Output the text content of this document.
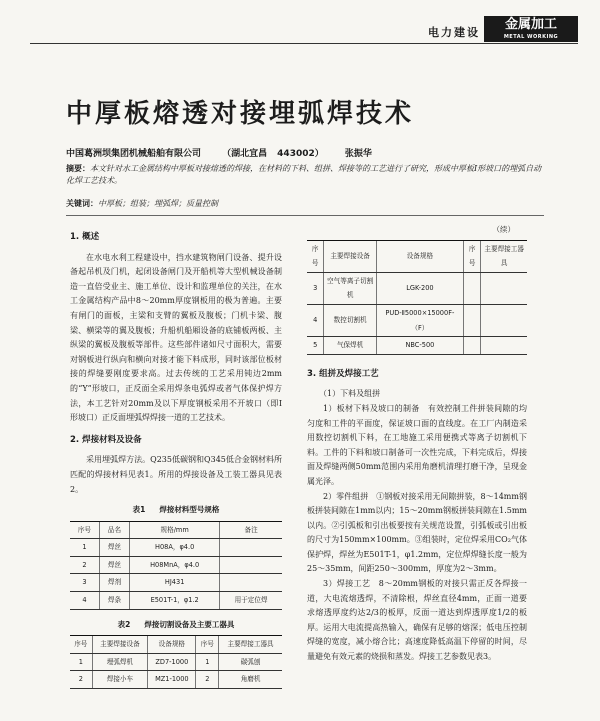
电力建设
金属加工
METAL WORKING
中厚板熔透对接埋弧焊技术
中国葛洲坝集团机械船舶有限公司 （湖北宜昌 443002） 张振华
摘要：本文针对水工金属结构中厚板对接熔透的焊接，在材料的下料、组拼、焊接等的工艺进行了研究，形成中厚板Ⅰ形坡口的埋弧自动化焊工艺技术。
关键词：中厚板；组装；埋弧焊；质量控制

1. 概述

在水电水利工程建设中，挡水建筑物闸门设备、提升设备起吊机及门机，起闭设备闸门及开船机等大型机械设备制造一直倍受业主、施工单位、设计和监理单位的关注，在水工金属结构产品中8～20mm厚度钢板用的极为普遍。主要有闸门的面板，主梁和支臂的翼板及腹板；门机卡梁、腹梁、横梁等的翼及腹板；升船机船厢设备的底铺板两板、主纵梁的翼板及腹板等部件。这些部件诸如尺寸面积大，需要对钢板进行纵向和横向对接才能下料成形，同时该部位板材接的焊缝要刚度要求高。过去传统的工艺采用钝边2mm的“Y”形坡口，正反面全采用焊条电弧焊或者气体保护焊方法，本工艺针对20mm及以下厚度钢板采用不开坡口（即Ⅰ形坡口）正反面埋弧焊焊接一道的工艺技术。

2. 焊接材料及设备

采用埋弧焊方法。Q235低碳钢和Q345低合金钢材料所匹配的焊接材料见表1。所用的焊接设备及工装工器具见表2。

表1 焊接材料型号规格
序号	品名	规格/mm	备注
1	焊丝	H08A，φ4.0	
2	焊丝	H08MnA，φ4.0	
3	焊剂	HJ431	
4	焊条	E501T-1，φ1.2	用于定位焊
表2 焊接切割设备及主要工器具
序号	主要焊接设备	设备规格	序号	主要焊接工器具
1	埋弧焊机	ZD7-1000	1	碳弧刨
2	焊接小车	MZ1-1000	2	角磨机
（续）
序号	主要焊接设备	设备规格	序号	主要焊接工器具
3	空气等离子切割机	LGK-200		
4	数控切割机	PUD-Ⅱ5000×15000F-（F）		
5	气保焊机	NBC-500		

3. 组拼及焊接工艺

（1）下料及组拼

1）板材下料及坡口的制备　有效控制工件拼装间隙的均匀度和工件的平面度，保证坡口面的直线度。在工厂内制造采用数控切割机下料，在工地施工采用便携式等离子切割机下料。工件的下料和坡口制备可一次性完成，下料完成后，焊接面及焊缝两侧50mm范围内采用角磨机清理打磨干净，呈现金属光泽。

2）零件组拼　①钢板对接采用无间隙拼装，8～14mm钢板拼装间隙在1mm以内；15～20mm钢板拼装间隙在1.5mm以内。②引弧板和引出板要按有关规范设置，引弧板或引出板的尺寸为150mm×100mm。③组装时，定位焊采用CO₂气体保护焊，焊丝为E501T-1，φ1.2mm，定位焊焊缝长度一般为25～35mm，间距250～300mm，厚度为2～3mm。

3）焊接工艺　8～20mm钢板的对接只需正反各焊接一道，大电流熔透焊，不清除根，焊丝直径4mm，正面一道要求熔透厚度约达2/3的板厚，反面一道达到焊透厚度1/2的板厚。运用大电流提高热输入，确保有足够的熔深；低电压控制焊缝的宽度，减小熔合比；高速度降低高温下停留的时间，尽量避免有效元素的烧损和蒸发。焊接工艺参数见表3。
